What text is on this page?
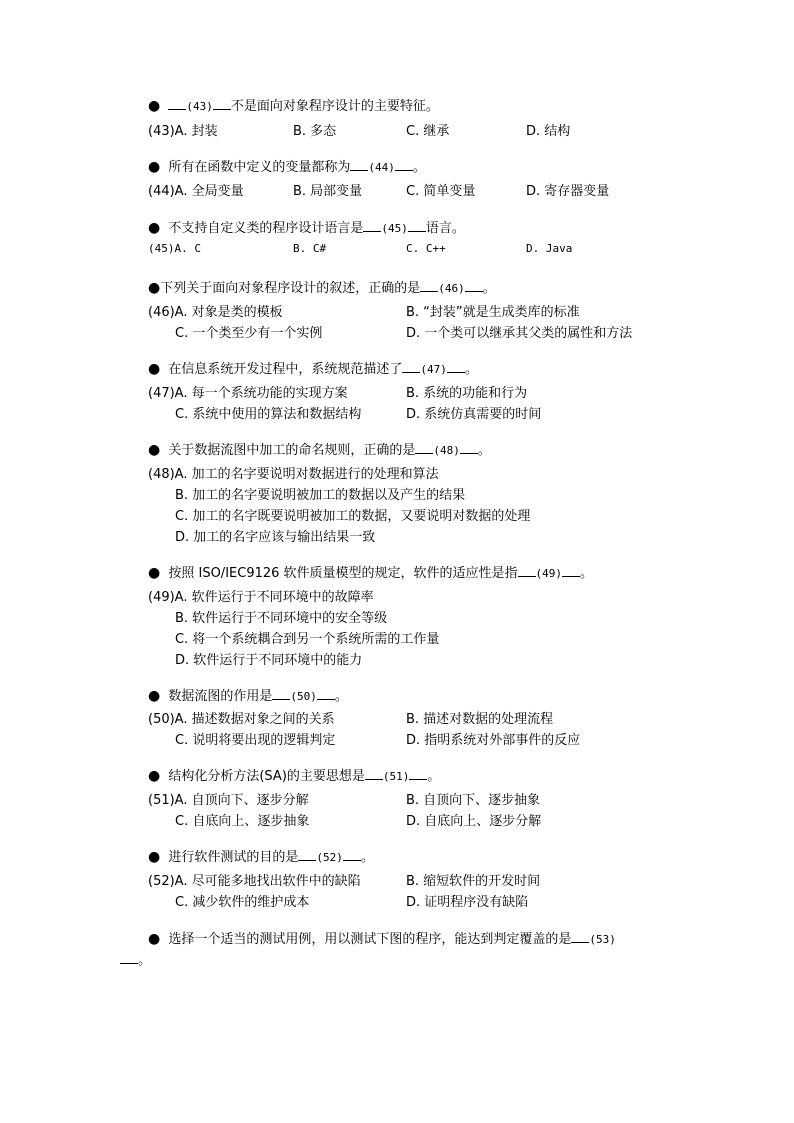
● (43) 不是面向对象程序设计的主要特征。
(43)A. 封装	B. 多态	C. 继承	D. 结构
● 所有在函数中定义的变量都称为 (44) 。
(44)A. 全局变量	B. 局部变量	C. 简单变量	D. 寄存器变量
● 不支持自定义类的程序设计语言是 (45) 语言。
(45)A. C	B. C#	C. C++	D. Java
●下列关于面向对象程序设计的叙述，正确的是 (46) 。
(46)A. 对象是类的模板	B. “封装”就是生成类库的标准
C. 一个类至少有一个实例	D. 一个类可以继承其父类的属性和方法
● 在信息系统开发过程中，系统规范描述了 (47) 。
(47)A. 每一个系统功能的实现方案	B. 系统的功能和行为
C. 系统中使用的算法和数据结构	D. 系统仿真需要的时间
● 关于数据流图中加工的命名规则，正确的是 (48) 。
(48)A. 加工的名字要说明对数据进行的处理和算法
B. 加工的名字要说明被加工的数据以及产生的结果
C. 加工的名字既要说明被加工的数据，又要说明对数据的处理
D. 加工的名字应该与输出结果一致
● 按照 ISO/IEC9126 软件质量模型的规定，软件的适应性是指 (49) 。
(49)A. 软件运行于不同环境中的故障率
B. 软件运行于不同环境中的安全等级
C. 将一个系统耦合到另一个系统所需的工作量
D. 软件运行于不同环境中的能力
● 数据流图的作用是 (50) 。
(50)A. 描述数据对象之间的关系	B. 描述对数据的处理流程
C. 说明将要出现的逻辑判定	D. 指明系统对外部事件的反应
● 结构化分析方法(SA)的主要思想是 (51) 。
(51)A. 自顶向下、逐步分解	B. 自顶向下、逐步抽象
C. 自底向上、逐步抽象	D. 自底向上、逐步分解
● 进行软件测试的目的是 (52) 。
(52)A. 尽可能多地找出软件中的缺陷	B. 缩短软件的开发时间
C. 减少软件的维护成本	D. 证明程序没有缺陷
● 选择一个适当的测试用例，用以测试下图的程序，能达到判定覆盖的是 (53)
。
